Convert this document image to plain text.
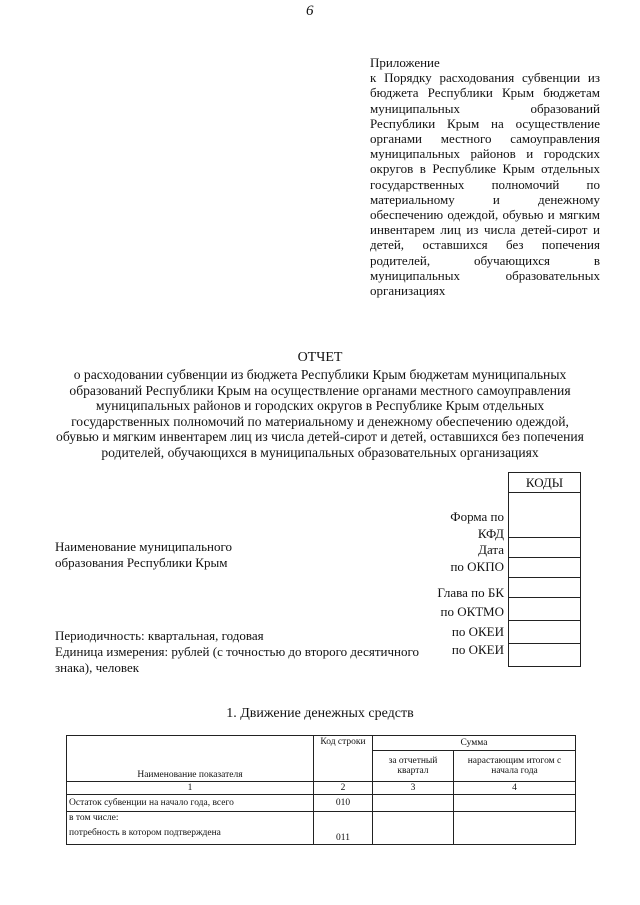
6
Приложение
к Порядку расходования субвенции из бюджета Республики Крым бюджетам муниципальных образований Республики Крым на осуществление органами местного самоуправления муниципальных районов и городских округов в Республике Крым отдельных государственных полномочий по материальному и денежному обеспечению одеждой, обувью и мягким инвентарем лиц из числа детей-сирот и детей, оставшихся без попечения родителей, обучающихся в муниципальных образовательных организациях
ОТЧЕТ
о расходовании субвенции из бюджета Республики Крым бюджетам муниципальных образований Республики Крым на осуществление органами местного самоуправления муниципальных районов и городских округов в Республике Крым отдельных государственных полномочий по материальному и денежному обеспечению одеждой, обувью и мягким инвентарем лиц из числа детей-сирот и детей, оставшихся без попечения родителей, обучающихся в муниципальных образовательных организациях
КОДЫ

Форма по КФД
Дата
по ОКПО
Глава по БК
по ОКТМО
по ОКЕИ
по ОКЕИ
Наименование муниципального образования Республики Крым
Периодичность: квартальная, годовая
Единица измерения: рублей (с точностью до второго десятичного знака), человек
1. Движение денежных средств
Наименование показателя	Код строки	Сумма	
		за отчетный квартал	нарастающим итогом с начала года
1	2	3	4
Остаток субвенции на начало года, всего	010		

в том числе:
потребность в котором подтверждена	011		
